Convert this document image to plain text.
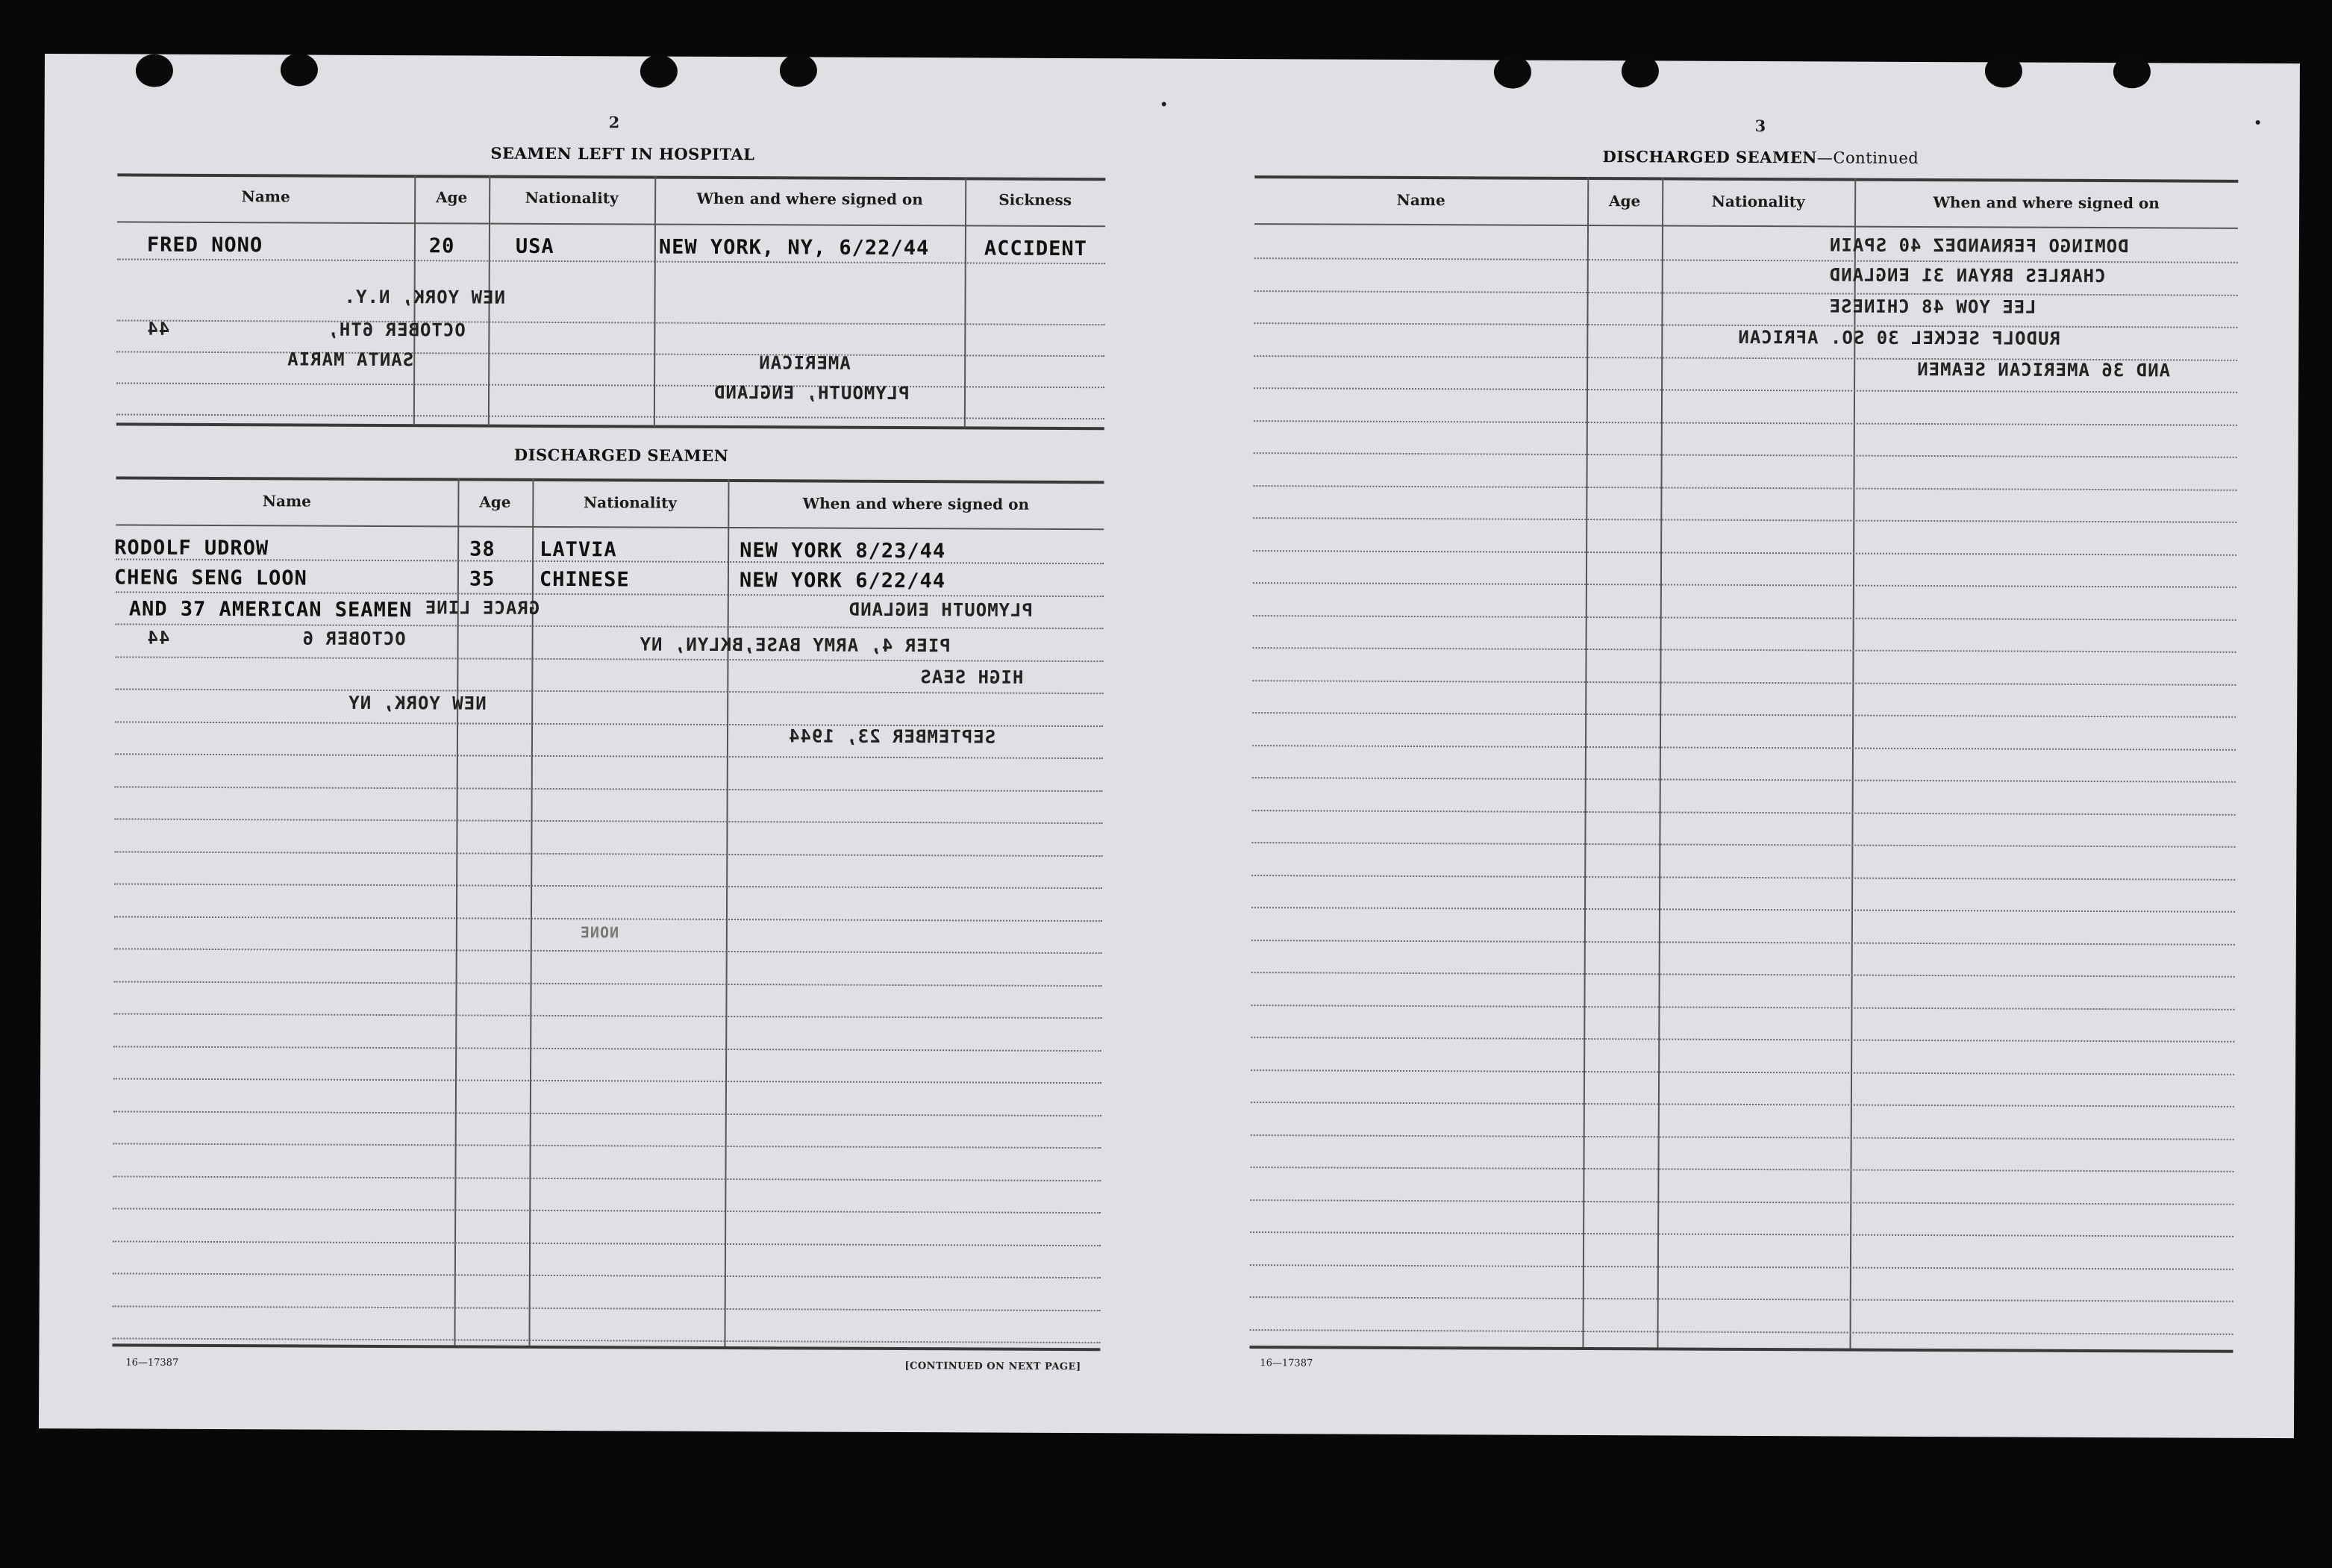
2
SEAMEN LEFT IN HOSPITAL
Name	Age	Nationality	When and where signed on	Sickness
FRED NONO	20	USA	NEW YORK, NY, 6/22/44	ACCIDENT
NEW YORK, N.Y.
OCTOBER 6TH,
44
SANTA MARIA	AMERICAN
PLYMOUTH, ENGLAND
DISCHARGED SEAMEN
Name	Age	Nationality	When and where signed on
RODOLF UDROW	38 LATVIA	NEW YORK 8/23/44
CHENG SENG LOON	35 CHINESE	NEW YORK 6/22/44
AND 37 AMERICAN SEAMEN GRACE LINE	PLYMOUTH ENGLAND
OCTOBER 6
44	PIER 4, ARMY BASE,BKLYN, NY
HIGH SEAS
NEW YORK, NY
SEPTEMBER 23, 1944
NONE
16—17387	[CONTINUED ON NEXT PAGE]
3
DISCHARGED SEAMEN—Continued
Name	Age	Nationality	When and where signed on
DOMINGO FERNANDEZ 40 SPAIN
CHARLES BRYAN 31 ENGLAND
LEE YOW 48 CHINESE
RUDOLF SECKEL 30 SO. AFRICAN
AND 36 AMERICAN SEAMEN
16—17387
